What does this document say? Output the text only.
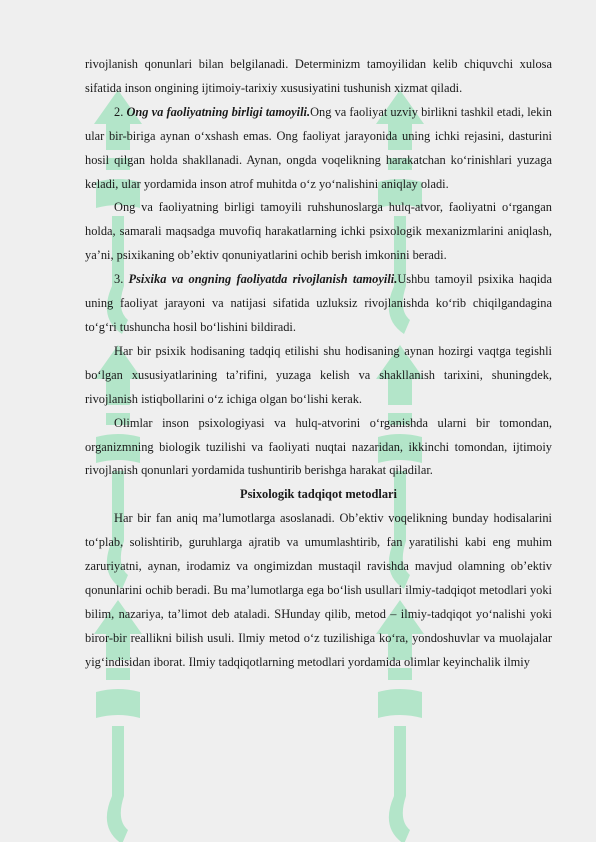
rivojlanish qonunlari bilan belgilanadi. Determinizm tamoyilidan kelib chiquvchi xulosa sifatida inson ongining ijtimoiy-tarixiy xususiyatini tushunish xizmat qiladi.

2. Ong va faoliyatning birligi tamoyili.Ong va faoliyat uzviy birlikni tashkil etadi, lekin ular bir-biriga aynan o‘xshash emas. Ong faoliyat jarayonida uning ichki rejasini, dasturini hosil qilgan holda shakllanadi. Aynan, ongda voqelikning harakatchan ko‘rinishlari yuzaga keladi, ular yordamida inson atrof muhitda o‘z yo‘nalishini aniqlay oladi.

Ong va faoliyatning birligi tamoyili ruhshunoslarga hulq-atvor, faoliyatni o‘rgangan holda, samarali maqsadga muvofiq harakatlarning ichki psixologik mexanizmlarini aniqlash, ya’ni, psixikaning ob’ektiv qonuniyatlarini ochib berish imkonini beradi.

3. Psixika va ongning faoliyatda rivojlanish tamoyili.Ushbu tamoyil psixika haqida uning faoliyat jarayoni va natijasi sifatida uzluksiz rivojlanishda ko‘rib chiqilgandagina to‘g‘ri tushuncha hosil bo‘lishini bildiradi.

Har bir psixik hodisaning tadqiq etilishi shu hodisaning aynan hozirgi vaqtga tegishli bo‘lgan xususiyatlarining ta’rifini, yuzaga kelish va shakllanish tarixini, shuningdek, rivojlanish istiqbollarini o‘z ichiga olgan bo‘lishi kerak.

Olimlar inson psixologiyasi va hulq-atvorini o‘rganishda ularni bir tomondan, organizmning biologik tuzilishi va faoliyati nuqtai nazaridan, ikkinchi tomondan, ijtimoiy rivojlanish qonunlari yordamida tushuntirib berishga harakat qiladilar.

Psixologik tadqiqot metodlari

Har bir fan aniq ma’lumotlarga asoslanadi. Ob’ektiv voqelikning bunday hodisalarini to‘plab, solishtirib, guruhlarga ajratib va umumlashtirib, fan yaratilishi kabi eng muhim zaruriyatni, aynan, irodamiz va ongimizdan mustaqil ravishda mavjud olamning ob’ektiv qonunlarini ochib beradi. Bu ma’lumotlarga ega bo‘lish usullari ilmiy-tadqiqot metodlari yoki bilim, nazariya, ta’limot deb ataladi. SHunday qilib, metod – ilmiy-tadqiqot yo‘nalishi yoki biror-bir reallikni bilish usuli. Ilmiy metod o‘z tuzilishiga ko‘ra, yondoshuvlar va muolajalar yig‘indisidan iborat. Ilmiy tadqiqotlarning metodlari yordamida olimlar keyinchalik ilmiy
